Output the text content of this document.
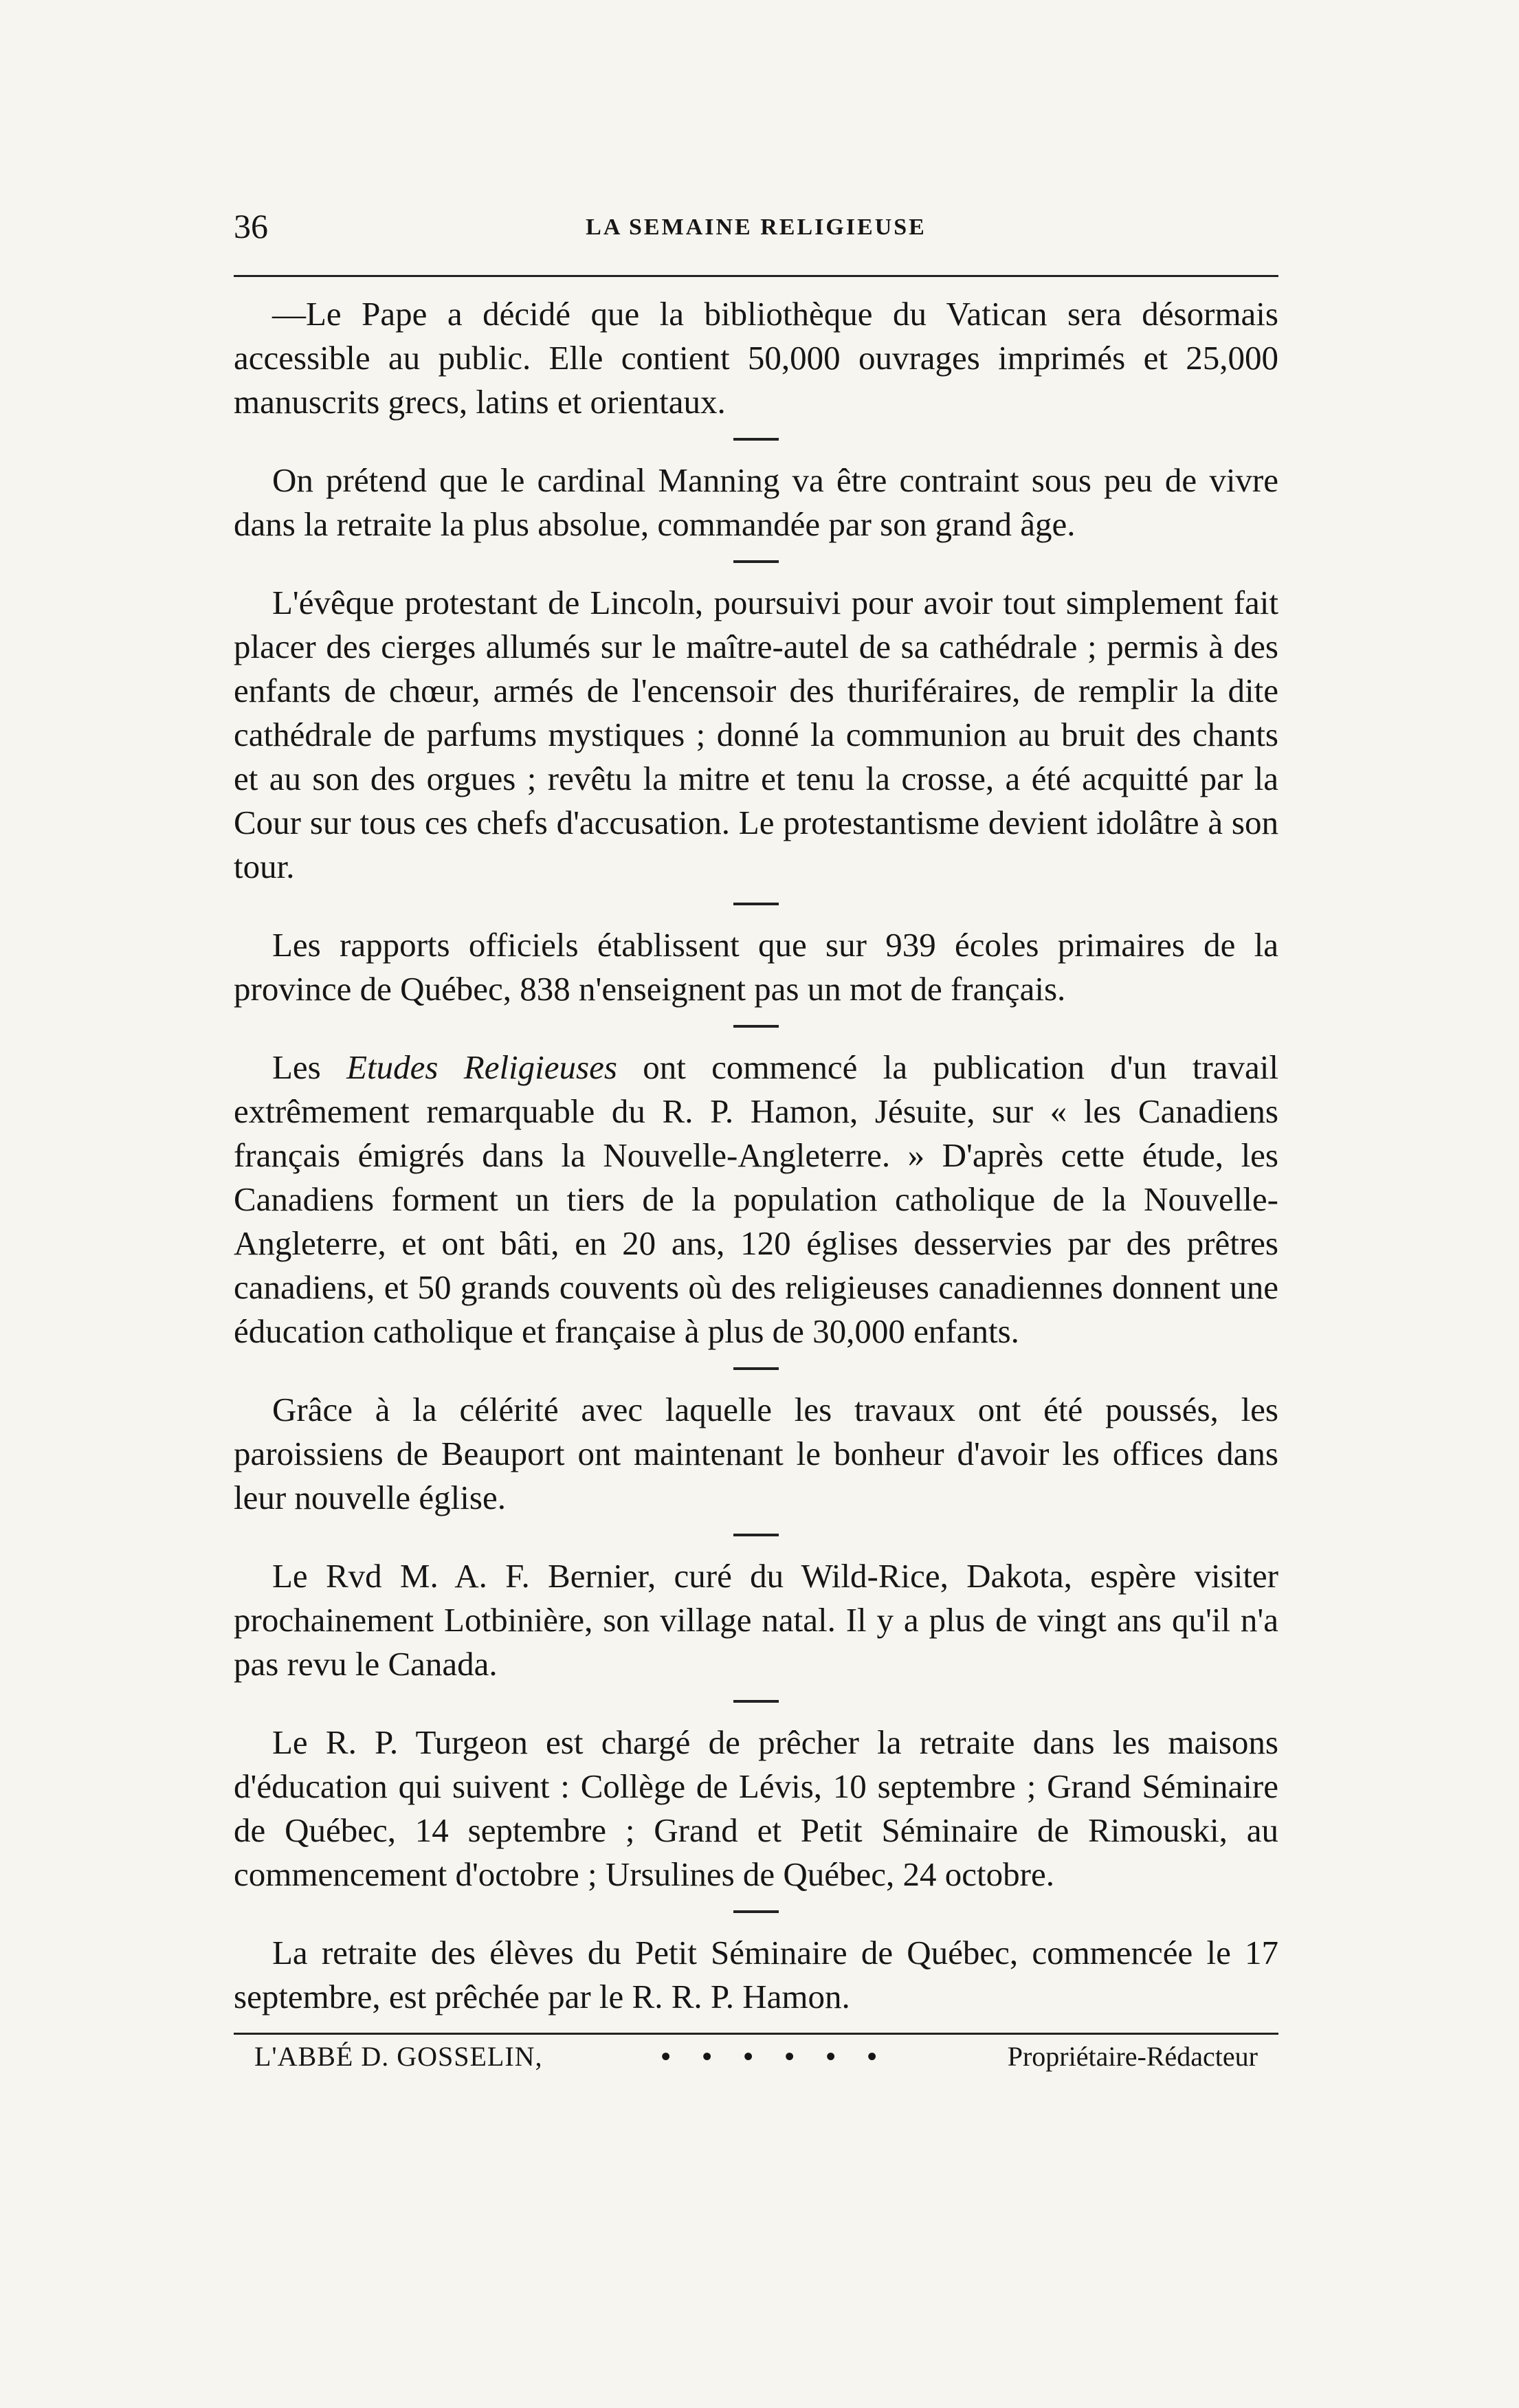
36	LA SEMAINE RELIGIEUSE

—Le Pape a décidé que la bibliothèque du Vatican sera désormais accessible au public. Elle contient 50,000 ouvrages imprimés et 25,000 manuscrits grecs, latins et orientaux.

On prétend que le cardinal Manning va être contraint sous peu de vivre dans la retraite la plus absolue, commandée par son grand âge.

L'évêque protestant de Lincoln, poursuivi pour avoir tout simplement fait placer des cierges allumés sur le maître-autel de sa cathédrale ; permis à des enfants de chœur, armés de l'encensoir des thuriféraires, de remplir la dite cathédrale de parfums mystiques ; donné la communion au bruit des chants et au son des orgues ; revêtu la mitre et tenu la crosse, a été acquitté par la Cour sur tous ces chefs d'accusation. Le protestantisme devient idolâtre à son tour.

Les rapports officiels établissent que sur 939 écoles primaires de la province de Québec, 838 n'enseignent pas un mot de français.

Les Etudes Religieuses ont commencé la publication d'un travail extrêmement remarquable du R. P. Hamon, Jésuite, sur « les Canadiens français émigrés dans la Nouvelle-Angleterre. » D'après cette étude, les Canadiens forment un tiers de la population catholique de la Nouvelle-Angleterre, et ont bâti, en 20 ans, 120 églises desservies par des prêtres canadiens, et 50 grands couvents où des religieuses canadiennes donnent une éducation catholique et française à plus de 30,000 enfants.

Grâce à la célérité avec laquelle les travaux ont été poussés, les paroissiens de Beauport ont maintenant le bonheur d'avoir les offices dans leur nouvelle église.

Le Rvd M. A. F. Bernier, curé du Wild-Rice, Dakota, espère visiter prochainement Lotbinière, son village natal. Il y a plus de vingt ans qu'il n'a pas revu le Canada.

Le R. P. Turgeon est chargé de prêcher la retraite dans les maisons d'éducation qui suivent : Collège de Lévis, 10 septembre ; Grand Séminaire de Québec, 14 septembre ; Grand et Petit Séminaire de Rimouski, au commencement d'octobre ; Ursulines de Québec, 24 octobre.

La retraite des élèves du Petit Séminaire de Québec, commencée le 17 septembre, est prêchée par le R. R. P. Hamon.

L'ABBÉ D. GOSSELIN,	• • • • • •	Propriétaire-Rédacteur
